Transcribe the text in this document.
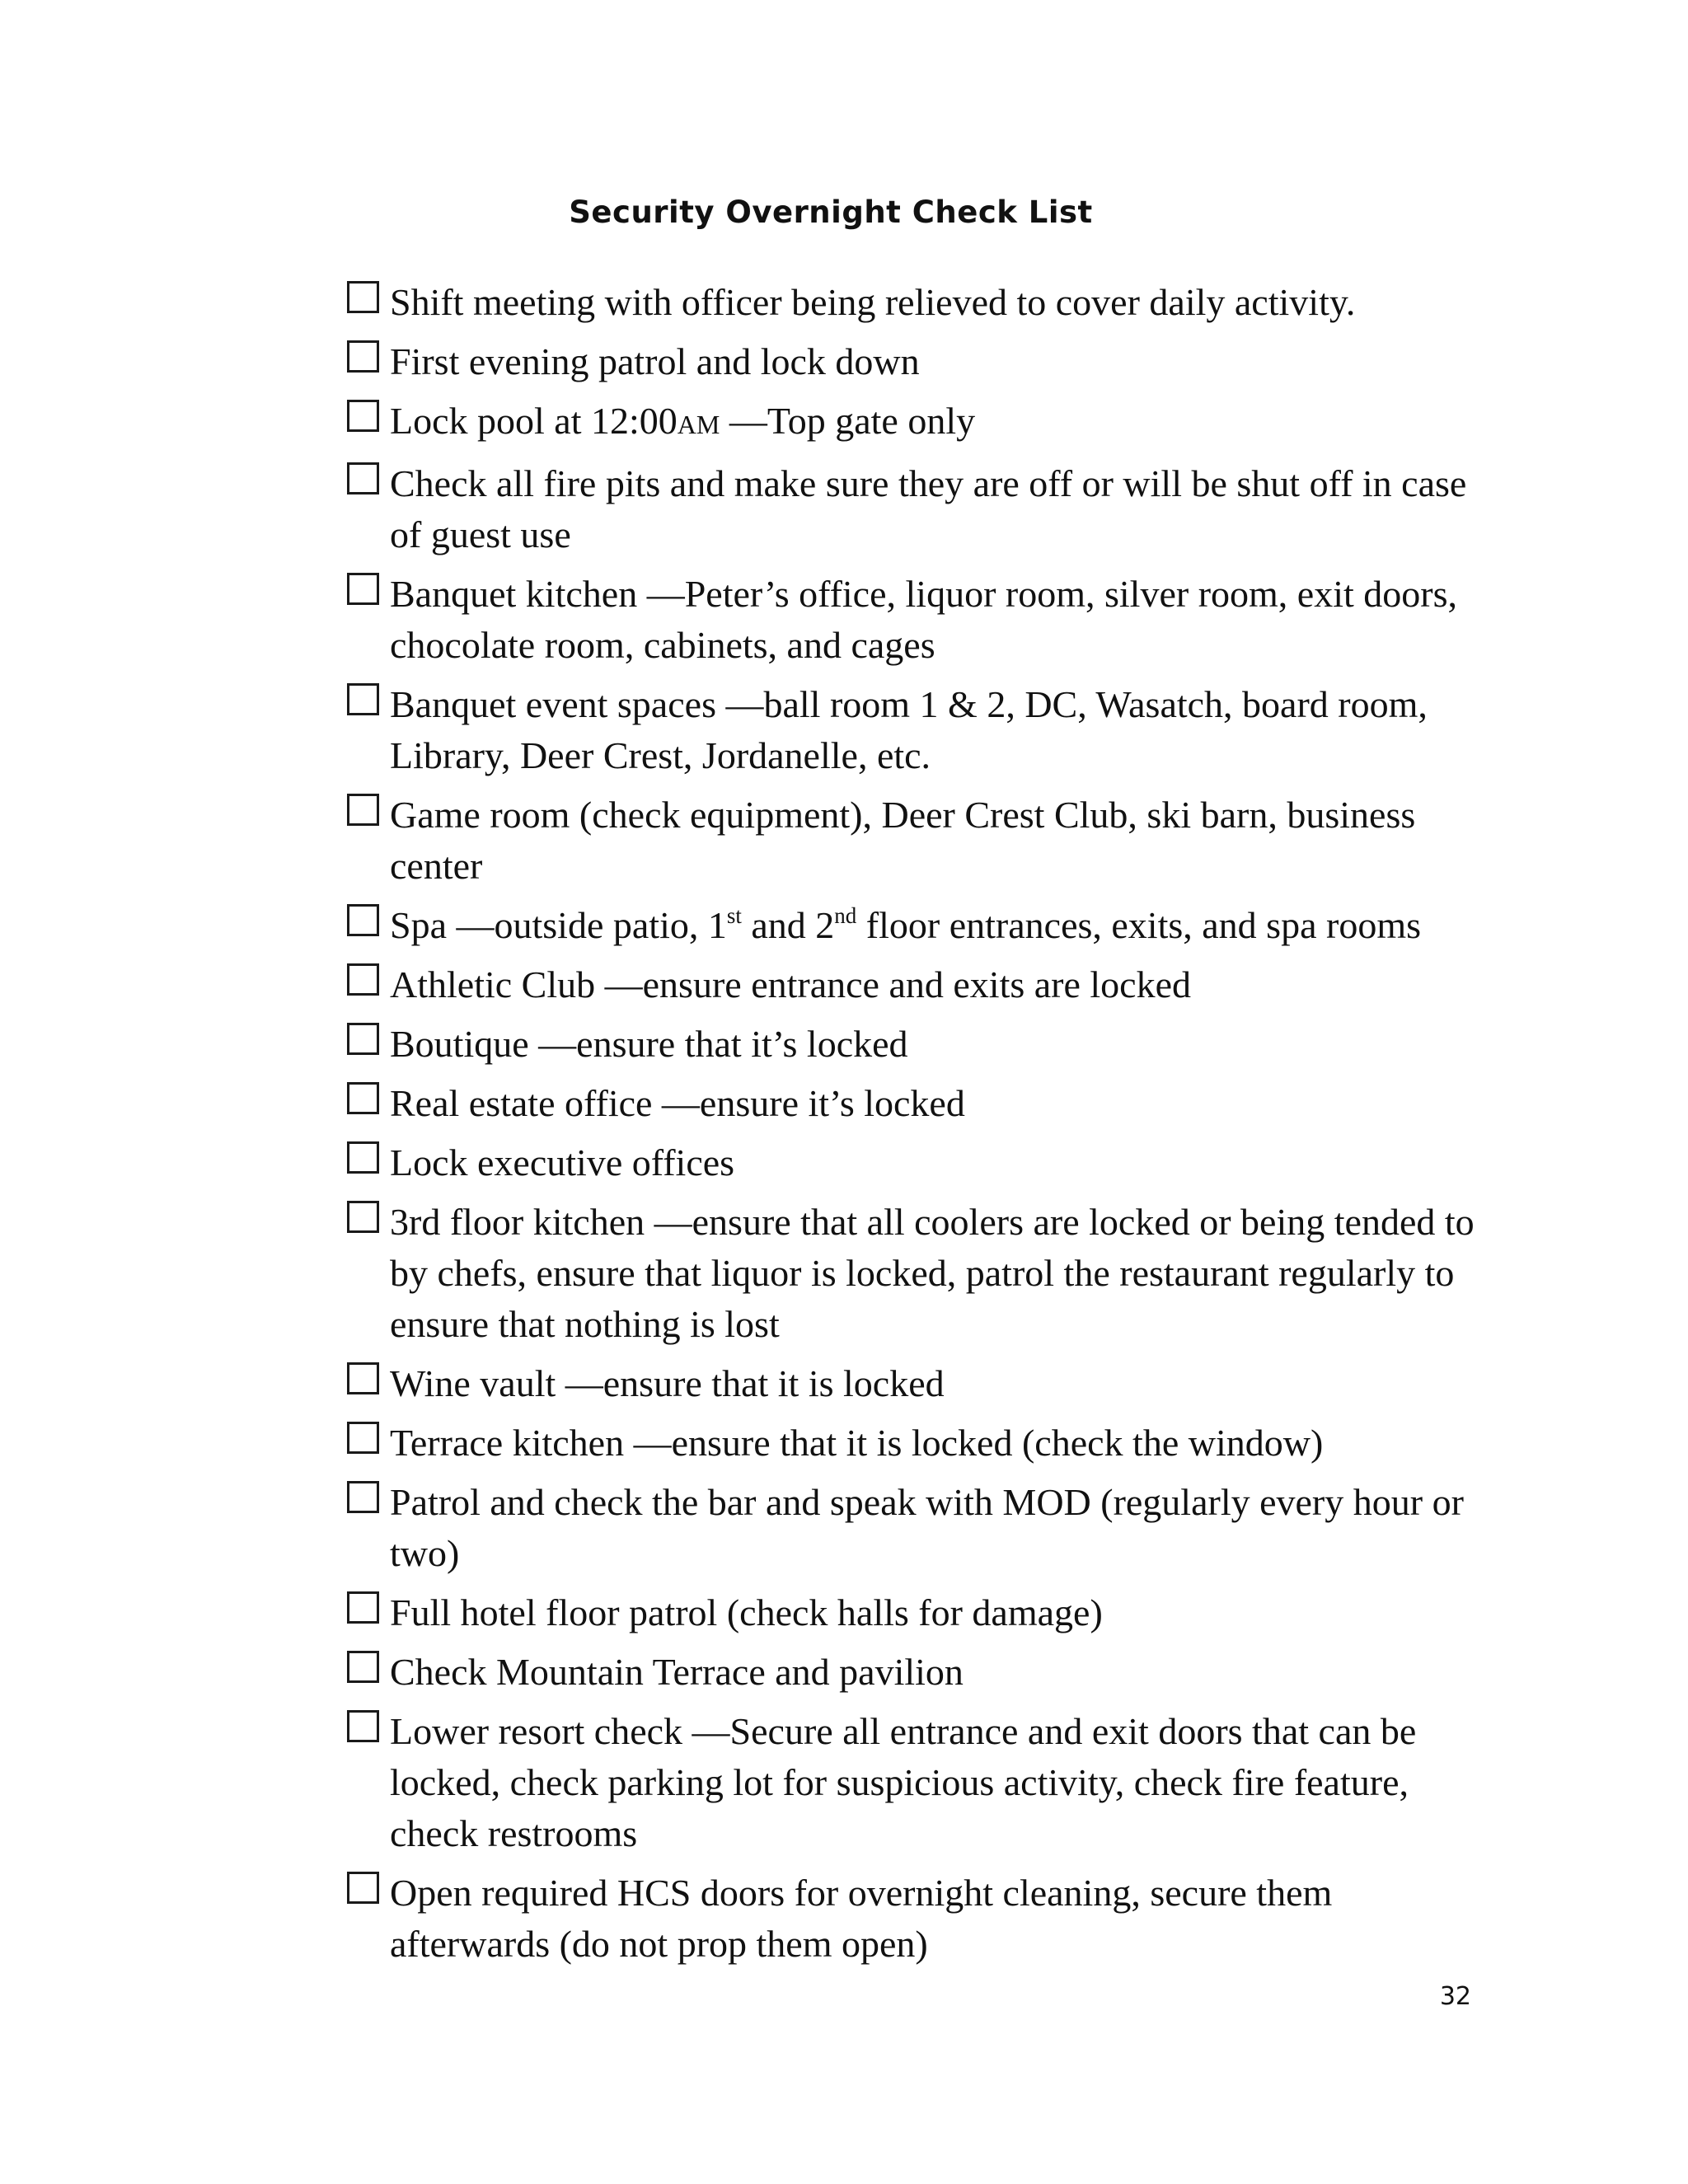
Security Overnight Check List
Shift meeting with officer being relieved to cover daily activity.
First evening patrol and lock down
Lock pool at 12:00AM —Top gate only
Check all fire pits and make sure they are off or will be shut off in case of guest use
Banquet kitchen —Peter’s office, liquor room, silver room, exit doors, chocolate room, cabinets, and cages
Banquet event spaces —ball room 1 & 2, DC, Wasatch, board room, Library, Deer Crest, Jordanelle, etc.
Game room (check equipment), Deer Crest Club, ski barn, business center
Spa —outside patio, 1st and 2nd floor entrances, exits, and spa rooms
Athletic Club —ensure entrance and exits are locked
Boutique —ensure that it’s locked
Real estate office —ensure it’s locked
Lock executive offices
3rd floor kitchen —ensure that all coolers are locked or being tended to by chefs, ensure that liquor is locked, patrol the restaurant regularly to ensure that nothing is lost
Wine vault —ensure that it is locked
Terrace kitchen —ensure that it is locked (check the window)
Patrol and check the bar and speak with MOD (regularly every hour or two)
Full hotel floor patrol (check halls for damage)
Check Mountain Terrace and pavilion
Lower resort check —Secure all entrance and exit doors that can be locked, check parking lot for suspicious activity, check fire feature, check restrooms
Open required HCS doors for overnight cleaning, secure them afterwards (do not prop them open)
32
